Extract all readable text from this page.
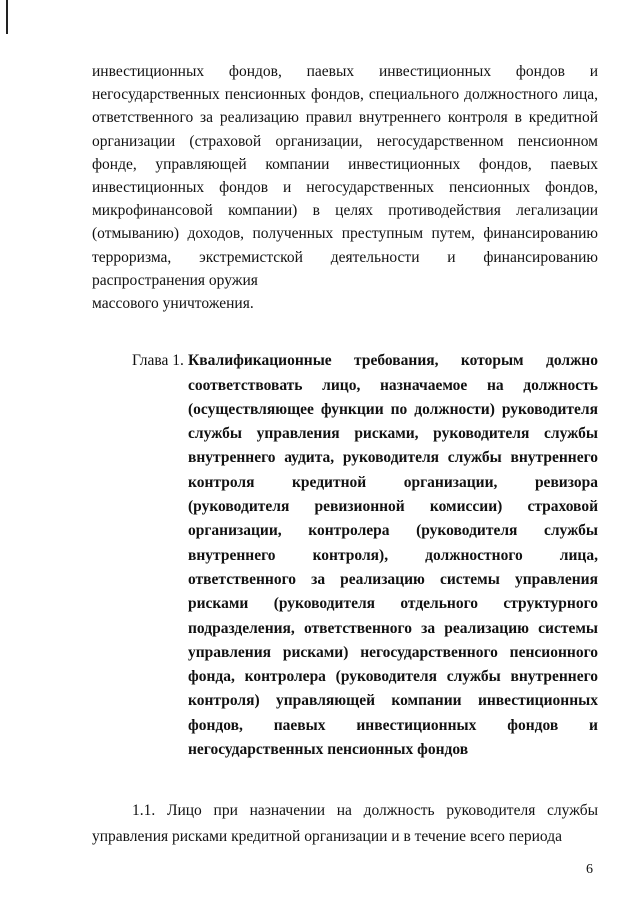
инвестиционных фондов, паевых инвестиционных фондов и негосударственных пенсионных фондов, специального должностного лица, ответственного за реализацию правил внутреннего контроля в кредитной организации (страховой организации, негосударственном пенсионном фонде, управляющей компании инвестиционных фондов, паевых инвестиционных фондов и негосударственных пенсионных фондов, микрофинансовой компании) в целях противодействия легализации (отмыванию) доходов, полученных преступным путем, финансированию терроризма, экстремистской деятельности и финансированию распространения оружия

массового уничтожения.

Глава 1. Квалификационные требования, которым должно соответствовать лицо, назначаемое на должность (осуществляющее функции по должности) руководителя службы управления рисками, руководителя службы внутреннего аудита, руководителя службы внутреннего контроля кредитной организации, ревизора (руководителя ревизионной комиссии) страховой организации, контролера (руководителя службы внутреннего контроля), должностного лица, ответственного за реализацию системы управления рисками (руководителя отдельного структурного подразделения, ответственного за реализацию системы управления рисками) негосударственного пенсионного фонда, контролера (руководителя службы внутреннего контроля) управляющей компании инвестиционных фондов, паевых инвестиционных фондов и негосударственных пенсионных фондов

1.1. Лицо при назначении на должность руководителя службы управления рисками кредитной организации и в течение всего периода

6
